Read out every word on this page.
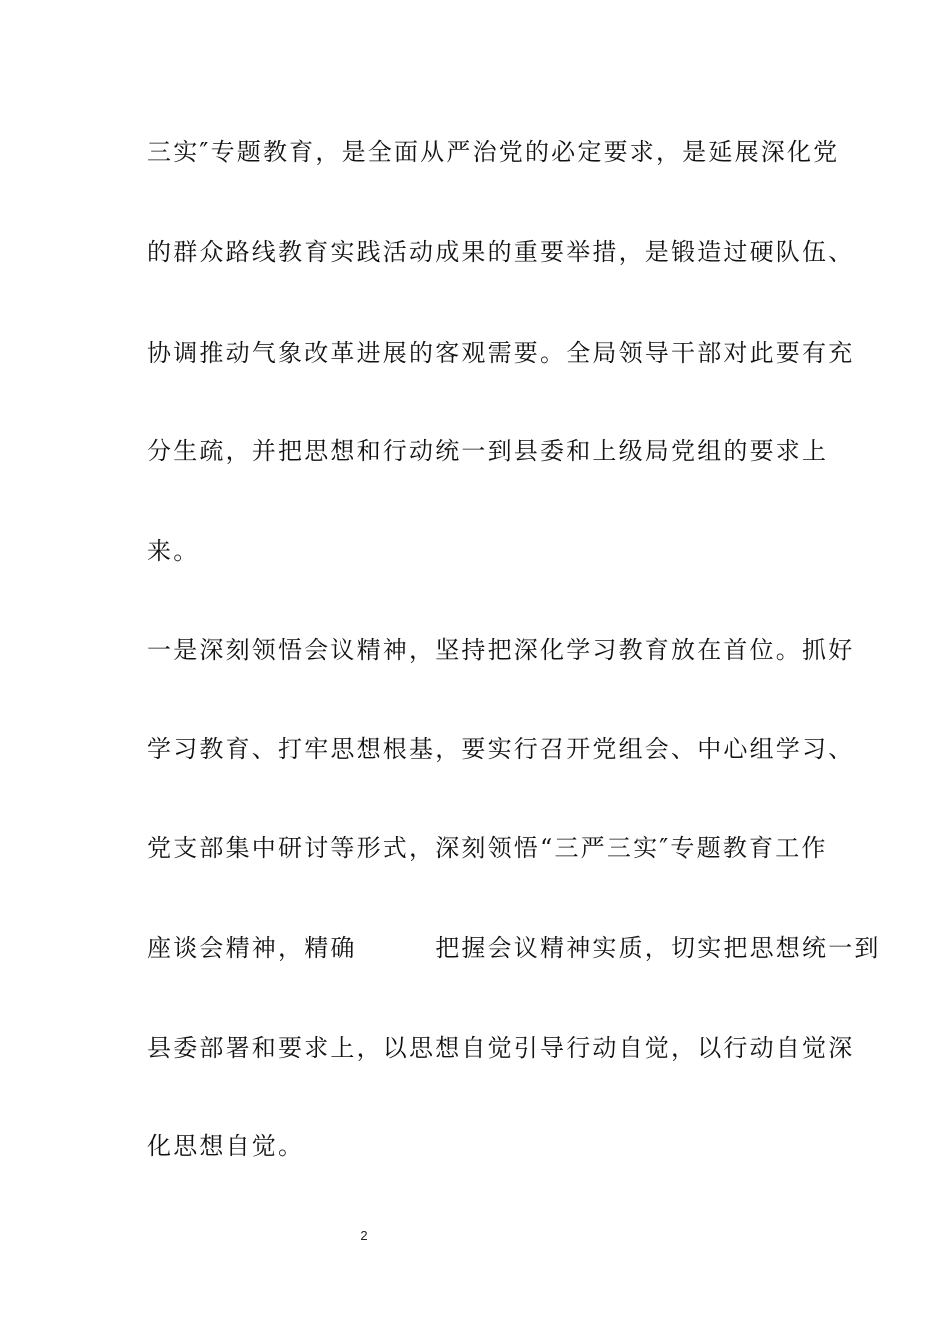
三实″专题教育，是全面从严治党的必定要求，是延展深化党
的群众路线教育实践活动成果的重要举措，是锻造过硬队伍、
协调推动气象改革进展的客观需要。全局领导干部对此要有充
分生疏，并把思想和行动统一到县委和上级局党组的要求上
来。
一是深刻领悟会议精神，坚持把深化学习教育放在首位。抓好
学习教育、打牢思想根基，要实行召开党组会、中心组学习、
党支部集中研讨等形式，深刻领悟“三严三实″专题教育工作
座谈会精神，精确　　　把握会议精神实质，切实把思想统一到
县委部署和要求上，以思想自觉引导行动自觉，以行动自觉深
化思想自觉。
2
